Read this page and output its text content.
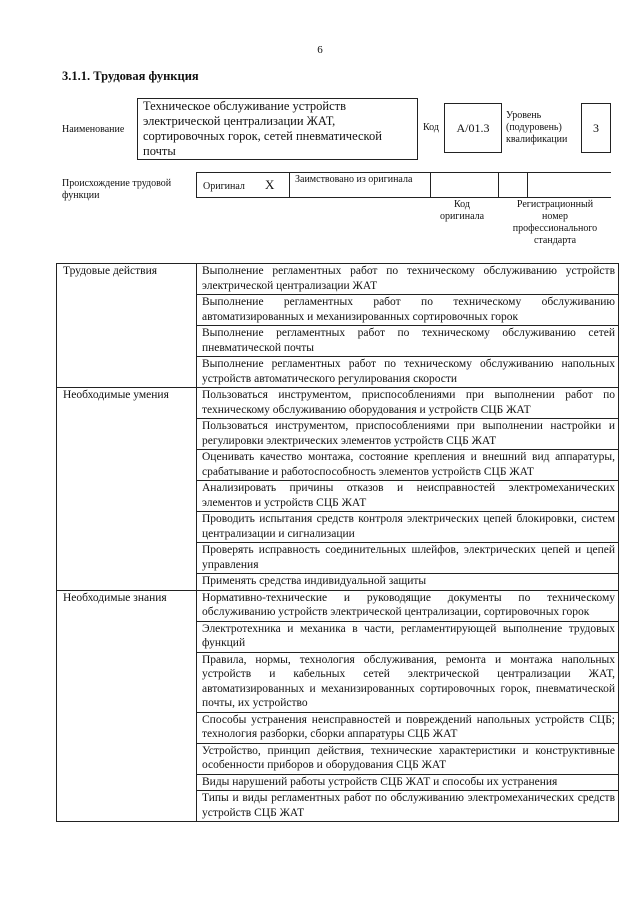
6
3.1.1. Трудовая функция
Наименование
Техническое обслуживание устройств электрической централизации ЖАТ, сортировочных горок, сетей пневматической почты
Код	A/01.3
Уровень (подуровень) квалификации
3
Происхождение трудовой функции
Оригинал X Заимствовано из оригинала
Код оригинала
Регистрационный номер профессионального стандарта
Трудовые действия	Выполнение регламентных работ по техническому обслуживанию устройств электрической централизации ЖАТ
	Выполнение регламентных работ по техническому обслуживанию автоматизированных и механизированных сортировочных горок
	Выполнение регламентных работ по техническому обслуживанию сетей пневматической почты
	Выполнение регламентных работ по техническому обслуживанию напольных устройств автоматического регулирования скорости
Необходимые умения	Пользоваться инструментом, приспособлениями при выполнении работ по техническому обслуживанию оборудования и устройств СЦБ ЖАТ
	Пользоваться инструментом, приспособлениями при выполнении настройки и регулировки электрических элементов устройств СЦБ ЖАТ
	Оценивать качество монтажа, состояние крепления и внешний вид аппаратуры, срабатывание и работоспособность элементов устройств СЦБ ЖАТ
	Анализировать причины отказов и неисправностей электромеханических элементов и устройств СЦБ ЖАТ
	Проводить испытания средств контроля электрических цепей блокировки, систем централизации и сигнализации
	Проверять исправность соединительных шлейфов, электрических цепей и цепей управления
	Применять средства индивидуальной защиты
Необходимые знания	Нормативно-технические и руководящие документы по техническому обслуживанию устройств электрической централизации, сортировочных горок
	Электротехника и механика в части, регламентирующей выполнение трудовых функций
	Правила, нормы, технология обслуживания, ремонта и монтажа напольных устройств и кабельных сетей электрической централизации ЖАТ, автоматизированных и механизированных сортировочных горок, пневматической почты, их устройство
	Способы устранения неисправностей и повреждений напольных устройств СЦБ; технология разборки, сборки аппаратуры СЦБ ЖАТ
	Устройство, принцип действия, технические характеристики и конструктивные особенности приборов и оборудования СЦБ ЖАТ
	Виды нарушений работы устройств СЦБ ЖАТ и способы их устранения
	Типы и виды регламентных работ по обслуживанию электромеханических средств устройств СЦБ ЖАТ
